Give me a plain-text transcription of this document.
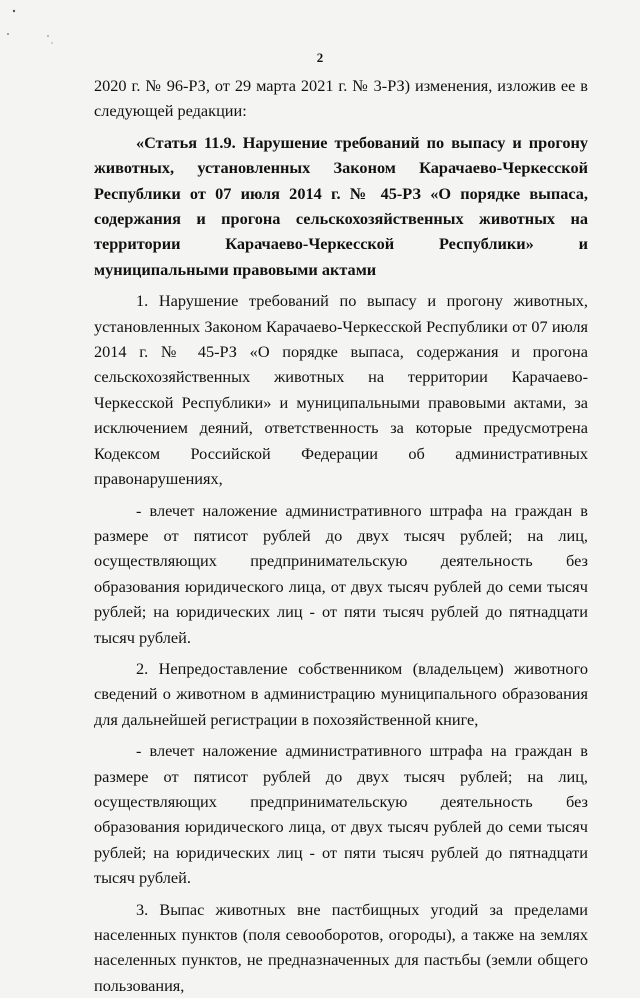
2

2020 г. № 96-РЗ, от 29 марта 2021 г. № 3-РЗ) изменения, изложив ее в следующей редакции:

«Статья 11.9. Нарушение требований по выпасу и прогону животных, установленных Законом Карачаево-Черкесской Республики от 07 июля 2014 г. № 45-РЗ «О порядке выпаса, содержания и прогона сельскохозяйственных животных на территории Карачаево-Черкесской Республики» и муниципальными правовыми актами

1. Нарушение требований по выпасу и прогону животных, установленных Законом Карачаево-Черкесской Республики от 07 июля 2014 г. № 45-РЗ «О порядке выпаса, содержания и прогона сельскохозяйственных животных на территории Карачаево-Черкесской Республики» и муниципальными правовыми актами, за исключением деяний, ответственность за которые предусмотрена Кодексом Российской Федерации об административных правонарушениях,

- влечет наложение административного штрафа на граждан в размере от пятисот рублей до двух тысяч рублей; на лиц, осуществляющих предпринимательскую деятельность без образования юридического лица, от двух тысяч рублей до семи тысяч рублей; на юридических лиц - от пяти тысяч рублей до пятнадцати тысяч рублей.

2. Непредоставление собственником (владельцем) животного сведений о животном в администрацию муниципального образования для дальнейшей регистрации в похозяйственной книге,

- влечет наложение административного штрафа на граждан в размере от пятисот рублей до двух тысяч рублей; на лиц, осуществляющих предпринимательскую деятельность без образования юридического лица, от двух тысяч рублей до семи тысяч рублей; на юридических лиц - от пяти тысяч рублей до пятнадцати тысяч рублей.

3. Выпас животных вне пастбищных угодий за пределами населенных пунктов (поля севооборотов, огороды), а также на землях населенных пунктов, не предназначенных для пастьбы (земли общего пользования,
